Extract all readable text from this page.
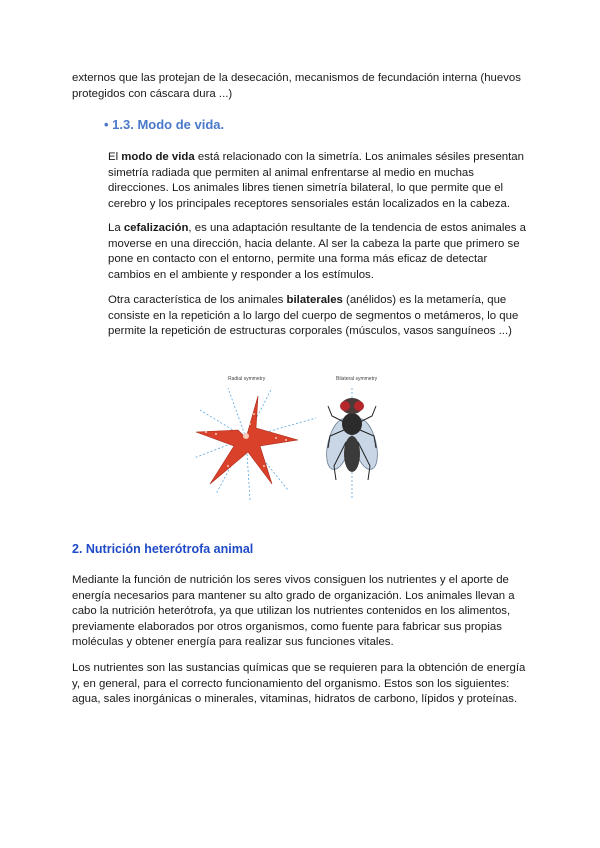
externos que las protejan de la desecación, mecanismos de fecundación interna (huevos
protegidos con cáscara dura ...)

• 1.3. Modo de vida.

El modo de vida está relacionado con la simetría. Los animales sésiles presentan simetría radiada que permiten al animal enfrentarse al medio en muchas direcciones. Los animales libres tienen simetría bilateral, lo que permite que el cerebro y los principales receptores sensoriales están localizados en la cabeza.

La cefalización, es una adaptación resultante de la tendencia de estos animales a moverse en una dirección, hacia delante. Al ser la cabeza la parte que primero se pone en contacto con el entorno, permite una forma más eficaz de detectar cambios en el ambiente y responder a los estímulos.

Otra característica de los animales bilaterales (anélidos) es la metamería, que consiste en la repetición a lo largo del cuerpo de segmentos o metámeros, lo que permite la repetición de estructuras corporales (músculos, vasos sanguíneos ...)

Radial symmetry	Bilateral symmetry
2. Nutrición heterótrofa animal

Mediante la función de nutrición los seres vivos consiguen los nutrientes y el aporte de energía necesarios para mantener su alto grado de organización. Los animales llevan a cabo la nutrición heterótrofa, ya que utilizan los nutrientes contenidos en los alimentos, previamente elaborados por otros organismos, como fuente para fabricar sus propias moléculas y obtener energía para realizar sus funciones vitales.

Los nutrientes son las sustancias químicas que se requieren para la obtención de energía y, en general, para el correcto funcionamiento del organismo. Estos son los siguientes: agua, sales inorgánicas o minerales, vitaminas, hidratos de carbono, lípidos y proteínas.
